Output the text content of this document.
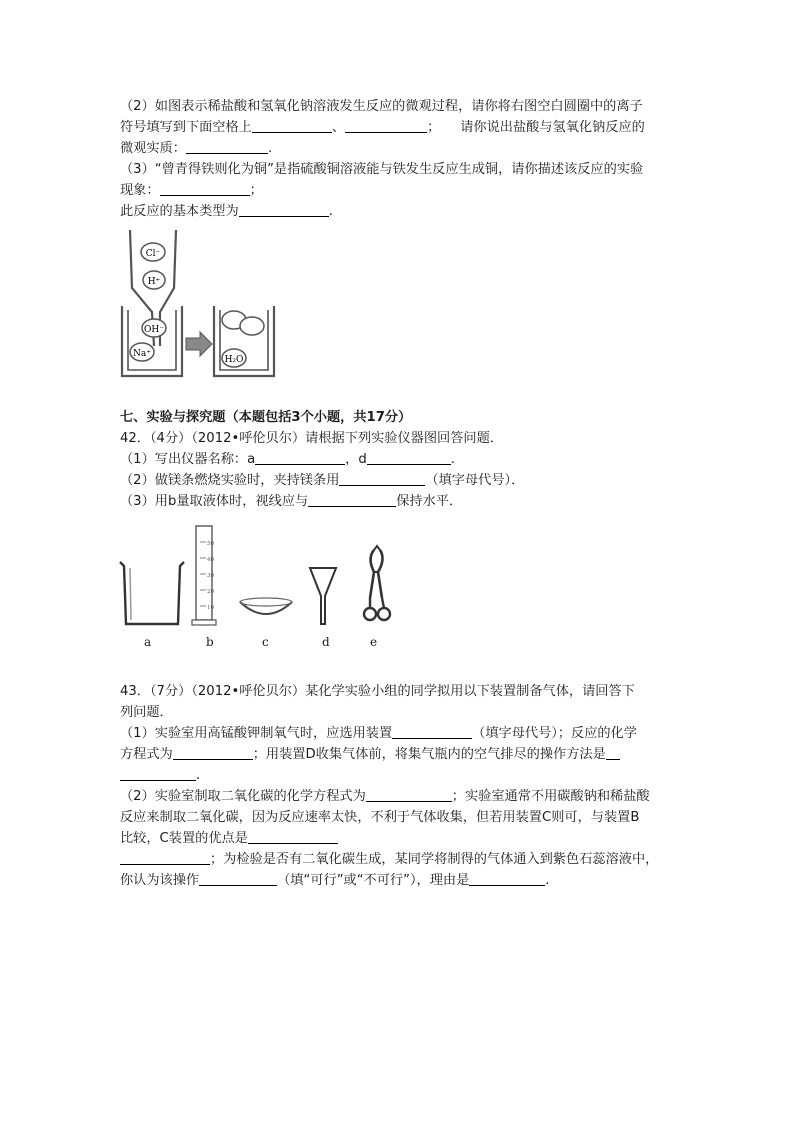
（2）如图表示稀盐酸和氢氧化钠溶液发生反应的微观过程，请你将右图空白圆圈中的离子
符号填写到下面空格上	、	； 请你说出盐酸与氢氧化钠反应的
微观实质：	.
（3）“曾青得铁则化为铜”是指硫酸铜溶液能与铁发生反应生成铜，请你描述该反应的实验
现象：	；
此反应的基本类型为	.
Cl⁻
H⁺
OH⁻
Na⁺
H₂O
七、实验与探究题（本题包括3个小题，共17分）
42．（4分）（2012•呼伦贝尔）请根据下列实验仪器图回答问题．
（1）写出仪器名称：a	，d	.
（2）做镁条燃烧实验时，夹持镁条用	（填字母代号）．
（3）用b量取液体时，视线应与	保持水平．
50
40
30
20
10
a	b	c	d	e
43．（7分）（2012•呼伦贝尔）某化学实验小组的同学拟用以下装置制备气体，请回答下
列问题．
（1）实验室用高锰酸钾制氧气时，应选用装置	（填字母代号）；反应的化学
方程式为	；用装置D收集气体前，将集气瓶内的空气排尽的操作方法是
.
（2）实验室制取二氧化碳的化学方程式为	；实验室通常不用碳酸钠和稀盐酸
反应来制取二氧化碳，因为反应速率太快，不利于气体收集，但若用装置C则可，与装置B
比较，C装置的优点是
；为检验是否有二氧化碳生成，某同学将制得的气体通入到紫色石蕊溶液中，
你认为该操作	（填“可行”或“不可行”），理由是	.
